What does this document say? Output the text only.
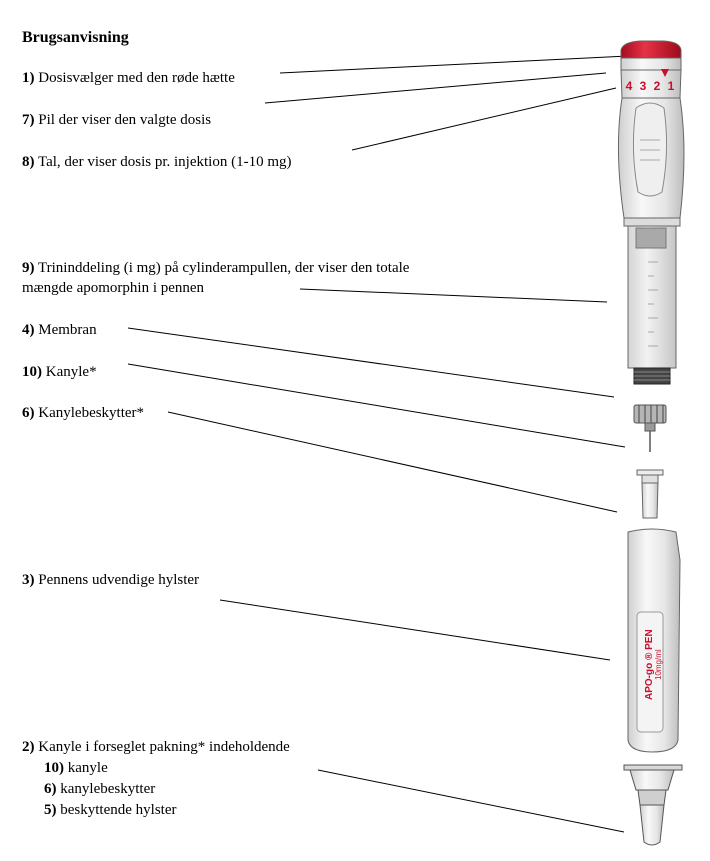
Brugsanvisning
1) Dosisvælger med den røde hætte
7) Pil der viser den valgte dosis
8) Tal, der viser dosis pr. injektion (1-10 mg)
9) Trininddeling (i mg) på cylinderampullen, der viser den totale
mængde apomorphin i pennen
4) Membran
10) Kanyle*
6) Kanylebeskytter*
3) Pennens udvendige hylster
2) Kanyle i forseglet pakning* indeholdende
10) kanyle
6) kanylebeskytter
5) beskyttende hylster
4 3 2 1
APO-go ® PEN 10mg/ml
